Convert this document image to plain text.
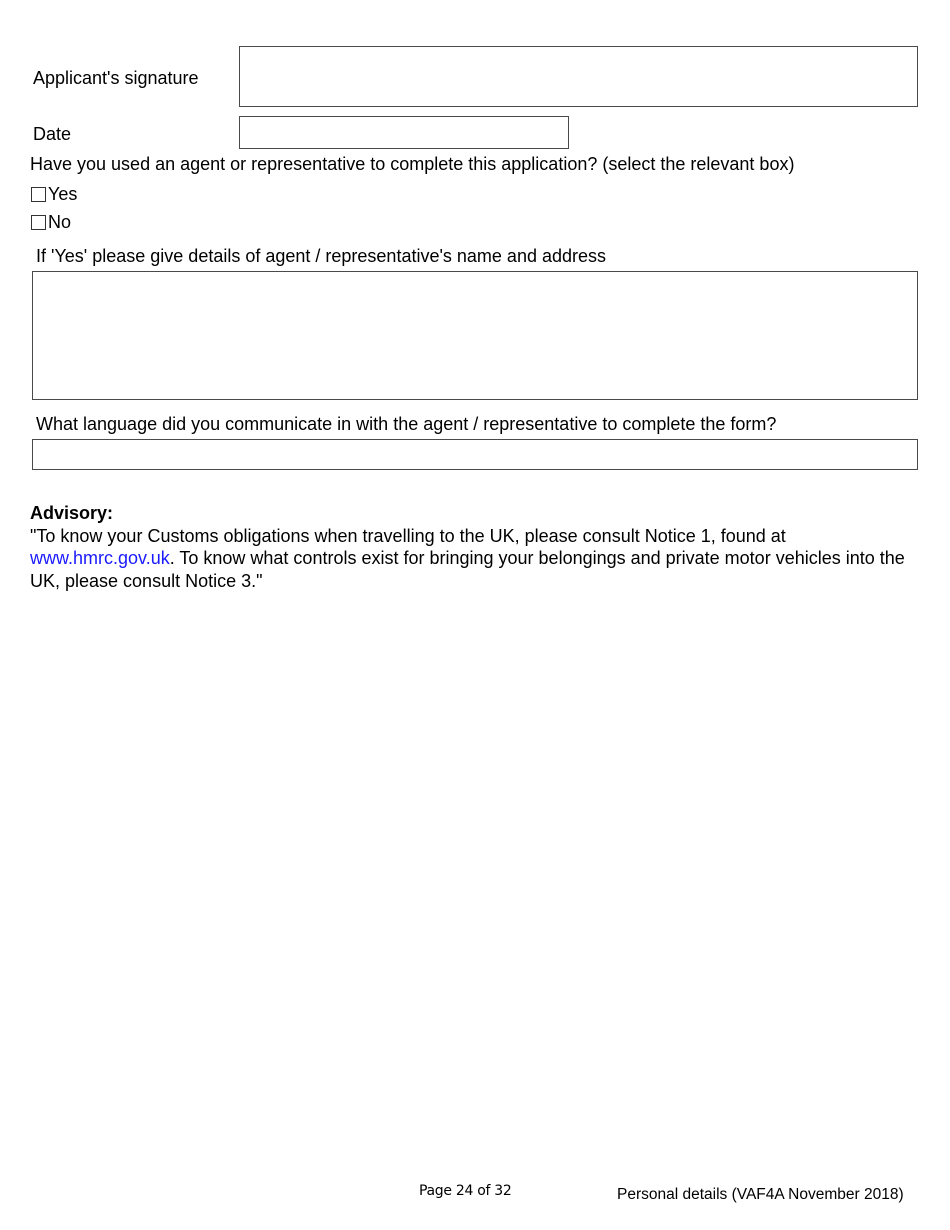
Applicant's signature
Date
Have you used an agent or representative to complete this application? (select the relevant box)
Yes
No
If 'Yes' please give details of agent / representative's name and address
What language did you communicate in with the agent / representative to complete the form?
Advisory:
"To know your Customs obligations when travelling to the UK, please consult Notice 1, found at www.hmrc.gov.uk. To know what controls exist for bringing your belongings and private motor vehicles into the UK, please consult Notice 3."
Page 24 of 32	Personal details (VAF4A November 2018)
